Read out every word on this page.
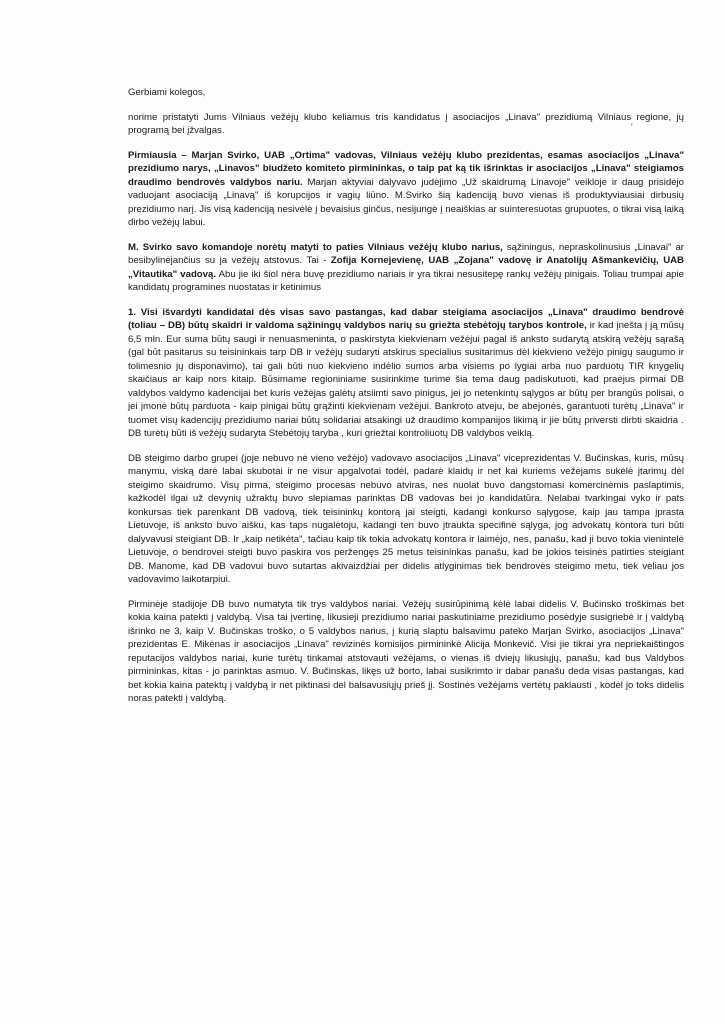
'

Gerbiami kolegos,

norime pristatyti Jums Vilniaus vežėjų klubo keliamus tris kandidatus į asociacijos „Linava" prezidiumą Vilniaus regione, jų programą bei įžvalgas.

Pirmiausia – Marjan Svirko, UAB „Ortima" vadovas, Vilniaus vežėjų klubo prezidentas, esamas asociacijos „Linava" prezidiumo narys, „Linavos" biudžeto komiteto pirmininkas, o taip pat ką tik išrinktas ir asociacijos „Linava" steigiamos draudimo bendrovės valdybos nariu. Marjan aktyviai dalyvavo judėjimo „Už skaidrumą Linavoje" veikloje ir daug prisidėjo vaduojant asociaciją „Linavą" iš korupcijos ir vagių liūno. M.Svirko šią kadenciją buvo vienas iš produktyviausiai dirbusių prezidiumo narį. Jis visą kadenciją nesivėlė į bevaisius ginčus, nesijungė į neaiškias ar suinteresuotas grupuotes, o tikrai visą laiką dirbo vežėjų labui.

M. Svirko savo komandoje norėtų matyti to paties Vilniaus vežėjų klubo narius, sąžiningus, nepraskolinusius „Linavai" ar besibylinėjančius su ja vežėjų atstovus. Tai - Zofija Kornejevienę, UAB „Zojana" vadovę ir Anatolijų Ašmankevičių, UAB „Vitautika" vadovą. Abu jie iki šiol nėra buvę prezidiumo nariais ir yra tikrai nesusitepę rankų vežėjų pinigais. Toliau trumpai apie kandidatų programines nuostatas ir ketinimus

1. Visi išvardyti kandidatai dės visas savo pastangas, kad dabar steigiama asociacijos „Linava" draudimo bendrovė (toliau – DB) būtų skaidri ir valdoma sąžiningų valdybos narių su griežta stebėtojų tarybos kontrole, ir kad įnešta į ją mūsų 6,5 mln. Eur suma būtų saugi ir nenuasmeninta, o paskirstyta kiekvienam vežėjui pagal iš anksto sudarytą atskirą vežėjų sąrašą (gal būt pasitarus su teisininkais tarp DB ir vežėjų sudaryti atskirus specialius susitarimus dėl kiekvieno vežėjo pinigų saugumo ir tolimesnio jų disponavimo), tai gali būti nuo kiekvieno indėlio sumos arba visiems po lygiai arba nuo parduotų TIR knygelių skaičiaus ar kaip nors kitaip. Būsimame regioniniame susirinkime turime šia tema daug padiskutuoti, kad praėjus pirmai DB valdybos valdymo kadencijai bet kuris vežėjas galėtų atsiimti savo pinigus, jei jo netenkintų sąlygos ar būtų per brangūs polisai, o jei įmonė būtų parduota - kaip pinigai būtų grąžinti kiekvienam vežėjui. Bankroto atveju, be abejonės, garantuoti turėtų „Linava" ir tuomet visų kadencijų prezidiumo nariai būtų solidariai atsakingi už draudimo kompanijos likimą ir jie būtų priversti dirbti skaidria . DB turėtų būti iš vežėjų sudaryta Stebėtojų taryba , kuri griežtai kontroliuotų DB valdybos veiklą.

DB steigimo darbo grupei (joje nebuvo nė vieno vežėjo) vadovavo asociacijos „Linava" viceprezidentas V. Bučinskas, kuris, mūsų manymu, viską darė labai skubotai ir ne visur apgalvotai todėl, padarė klaidų ir net kai kuriems vežėjams sukėlė įtarimų dėl steigimo skaidrumo. Visų pirma, steigimo procesas nebuvo atviras, nes nuolat buvo dangstomasi komercinėmis paslaptimis, kažkodėl ilgai už devynių užraktų buvo slepiamas parinktas DB vadovas bei jo kandidatūra. Nelabai tvarkingai vyko ir pats konkursas tiek parenkant DB vadovą, tiek teisininkų kontorą jai steigti, kadangi konkurso sąlygose, kaip jau tampa įprasta Lietuvoje, iš anksto buvo aišku, kas taps nugalėtoju, kadangi ten buvo įtraukta specifinė sąlyga, jog advokatų kontora turi būti dalyvavusi steigiant DB. Ir „kaip netikėta", tačiau kaip tik tokia advokatų kontora ir laimėjo, nes, panašu, kad ji buvo tokia vienintelė Lietuvoje, o bendrovei steigti buvo paskira vos peržengęs 25 metus teisininkas panašu, kad be jokios teisinės patirties steigiant DB. Manome, kad DB vadovui buvo sutartas akivaizdžiai per didelis atlyginimas tiek bendrovės steigimo metu, tiek vėliau jos vadovavimo laikotarpiui.

Pirminėje stadijoje DB buvo numatyta tik trys valdybos nariai. Vežėjų susirūpinimą kėlė labai didelis V. Bučinsko troškimas bet kokia kaina patekti į valdybą. Visa tai įvertinę, likusieji prezidiumo nariai paskutiniame prezidiumo posėdyje susigriebė ir į valdybą išrinko ne 3, kaip V. Bučinskas troško, o 5 valdybos narius, į kurią slaptu balsavimu pateko Marjan Svirko, asociacijos „Linava" prezidentas E. Mikėnas ir asociacijos „Linava" revizinės komisijos pirmininkė Alicija Monkevič. Visi jie tikrai yra nepriekaištingos reputacijos valdybos nariai, kurie turėtų tinkamai atstovauti vežėjams, o vienas iš dviejų likusiųjų, panašu, kad bus Valdybos pirmininkas, kitas - jo parinktas asmuo. V. Bučinskas, likęs už borto, labai susikrimto ir dabar panašu deda visas pastangas, kad bet kokia kaina patektų į valdybą ir net piktinasi del balsavusiųjų prieš jį. Sostinės vežėjams vertėtų paklausti , kodėl jo toks didelis noras patekti į valdybą.
